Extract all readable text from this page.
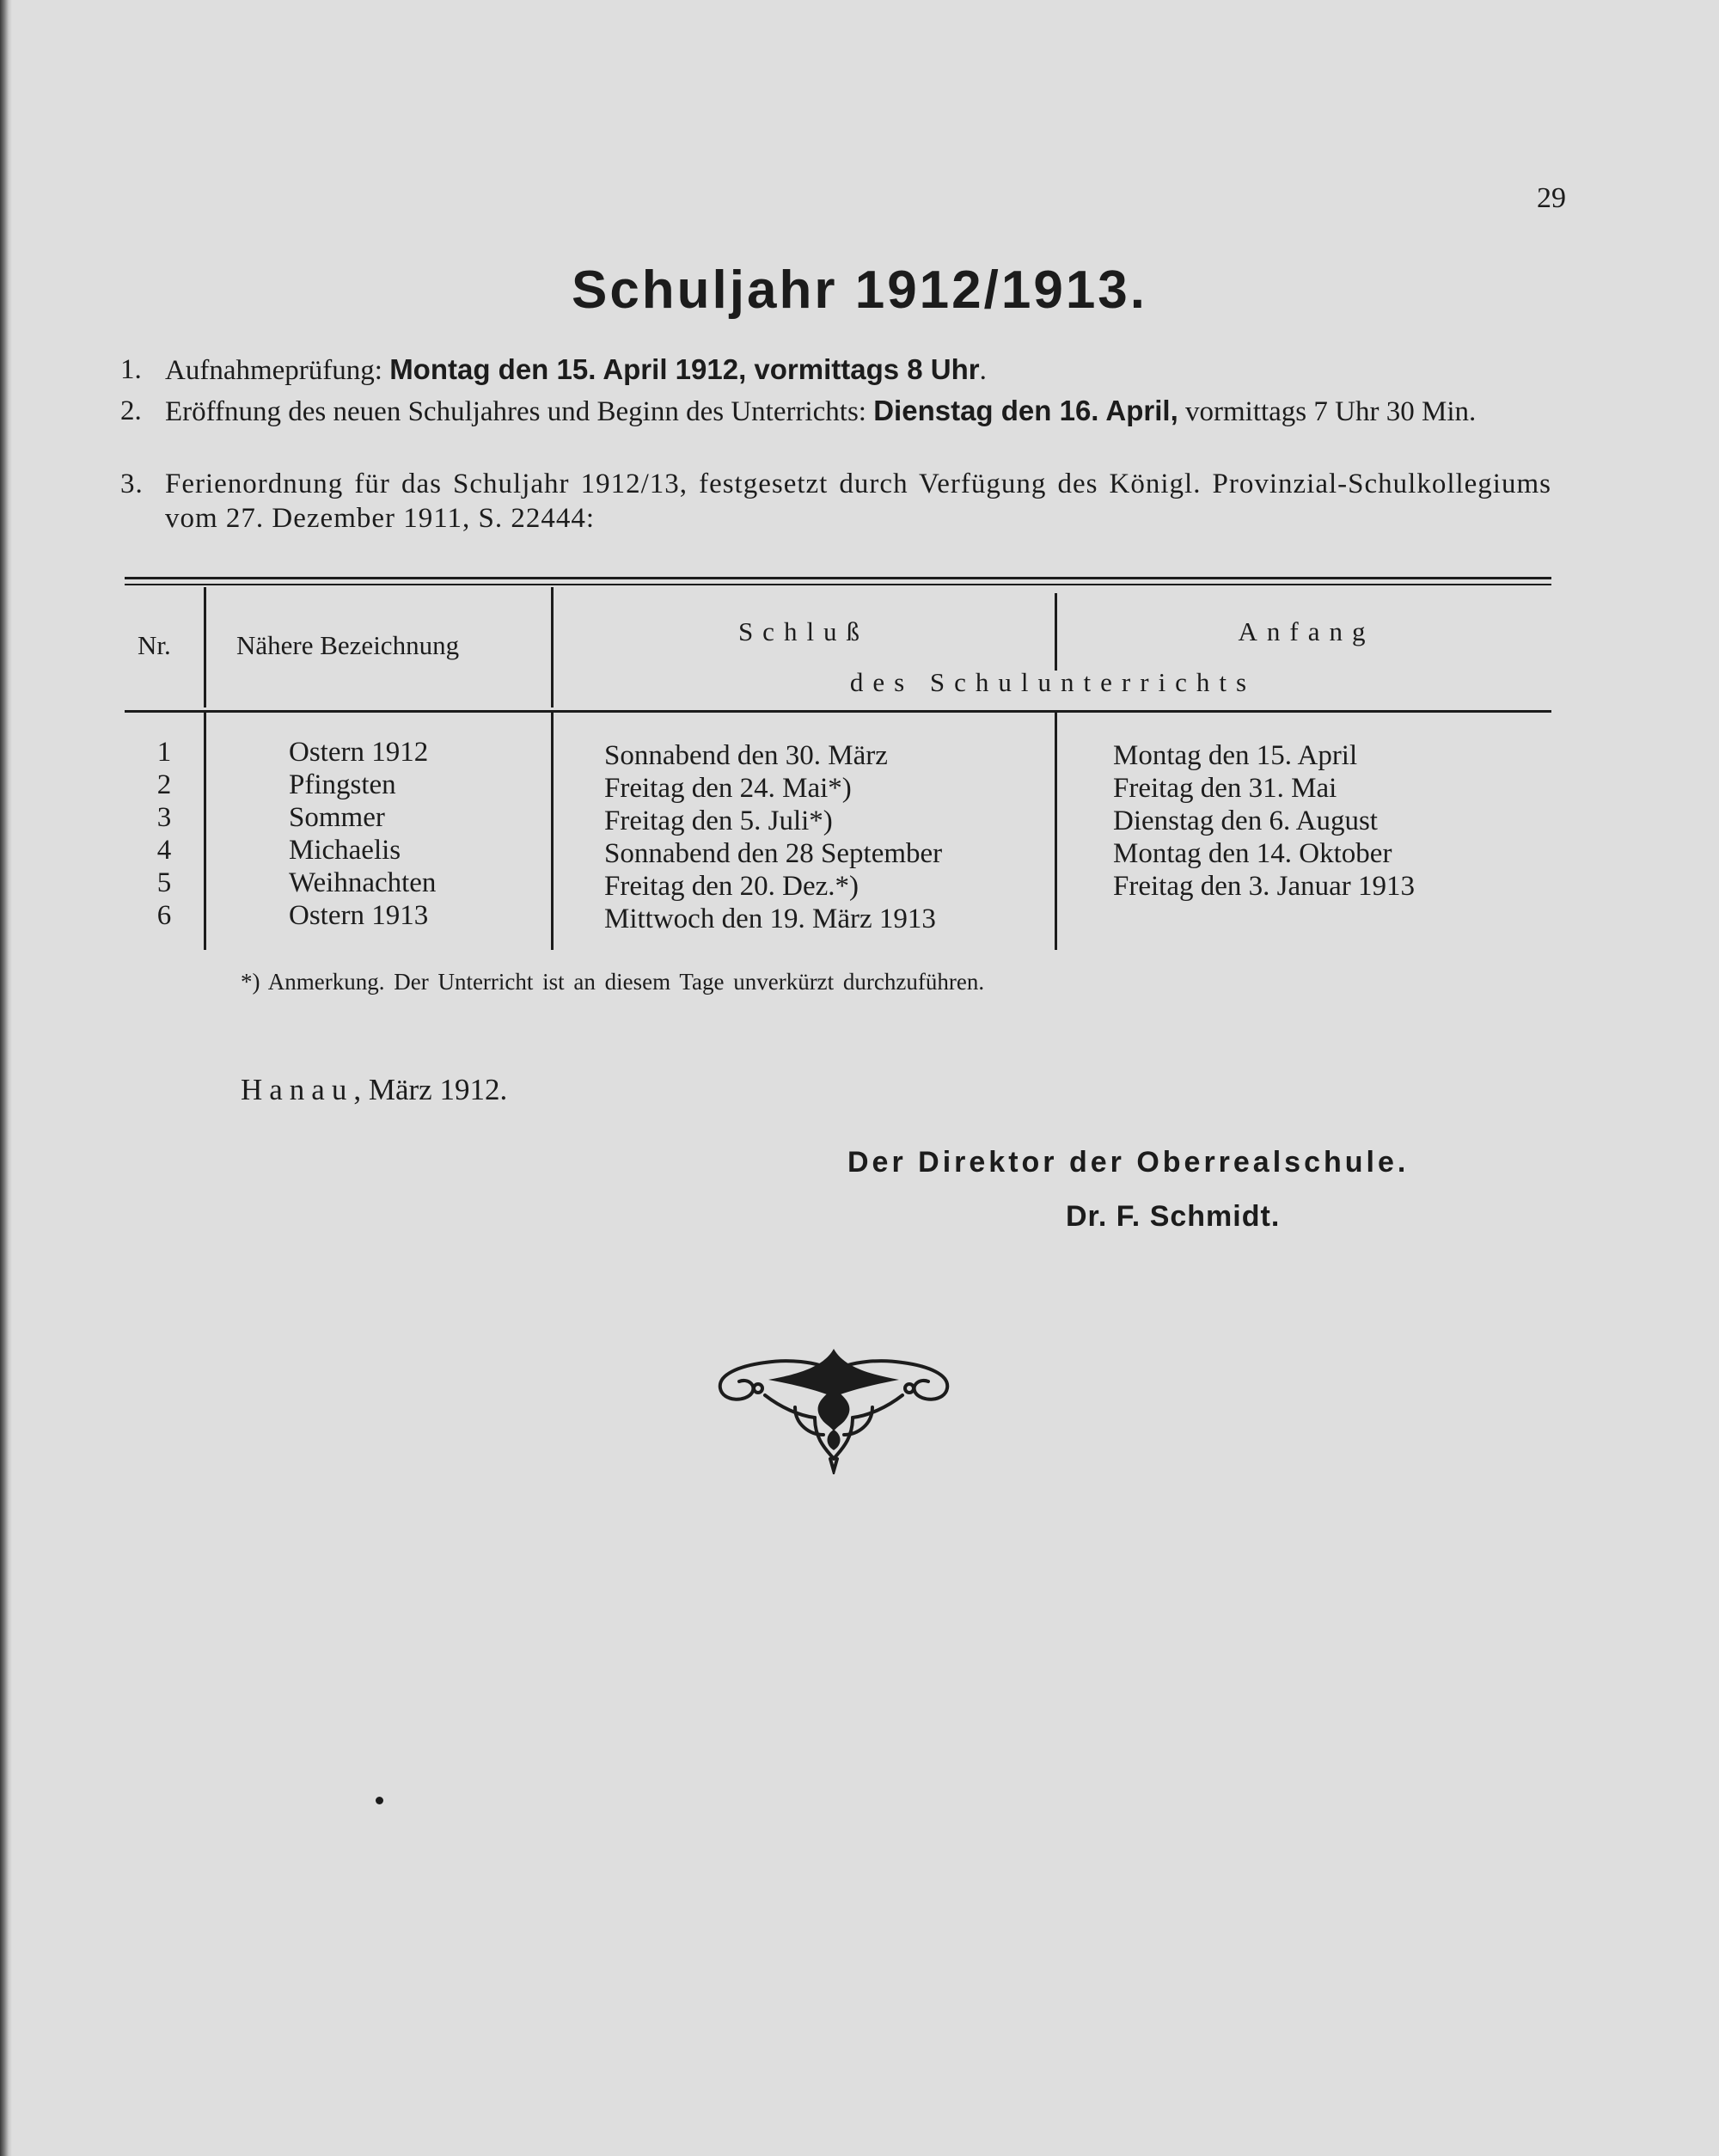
29
Schuljahr 1912/1913.
1. Aufnahmeprüfung: Montag den 15. April 1912, vormittags 8 Uhr.
2. Eröffnung des neuen Schuljahres und Beginn des Unterrichts: Dienstag den 16. April, vormittags 7 Uhr 30 Min.
3. Ferienordnung für das Schuljahr 1912/13, festgesetzt durch Verfügung des Königl. Provinzial-Schulkollegiums vom 27. Dezember 1911, S. 22444:
Nr. Nähere Bezeichnung	Schluß	Anfang
des Schulunterrichts
1	Ostern 1912	Sonnabend den 30. März	Montag den 15. April
2	Pfingsten	Freitag den 24. Mai*)	Freitag den 31. Mai
3	Sommer	Freitag den 5. Juli*)	Dienstag den 6. August
4	Michaelis	Sonnabend den 28 September	Montag den 14. Oktober
5	Weihnachten	Freitag den 20. Dez.*)	Freitag den 3. Januar 1913
6	Ostern 1913	Mittwoch den 19. März 1913
*) Anmerkung. Der Unterricht ist an diesem Tage unverkürzt durchzuführen.
Hanau, März 1912.
Der Direktor der Oberrealschule.
Dr. F. Schmidt.
